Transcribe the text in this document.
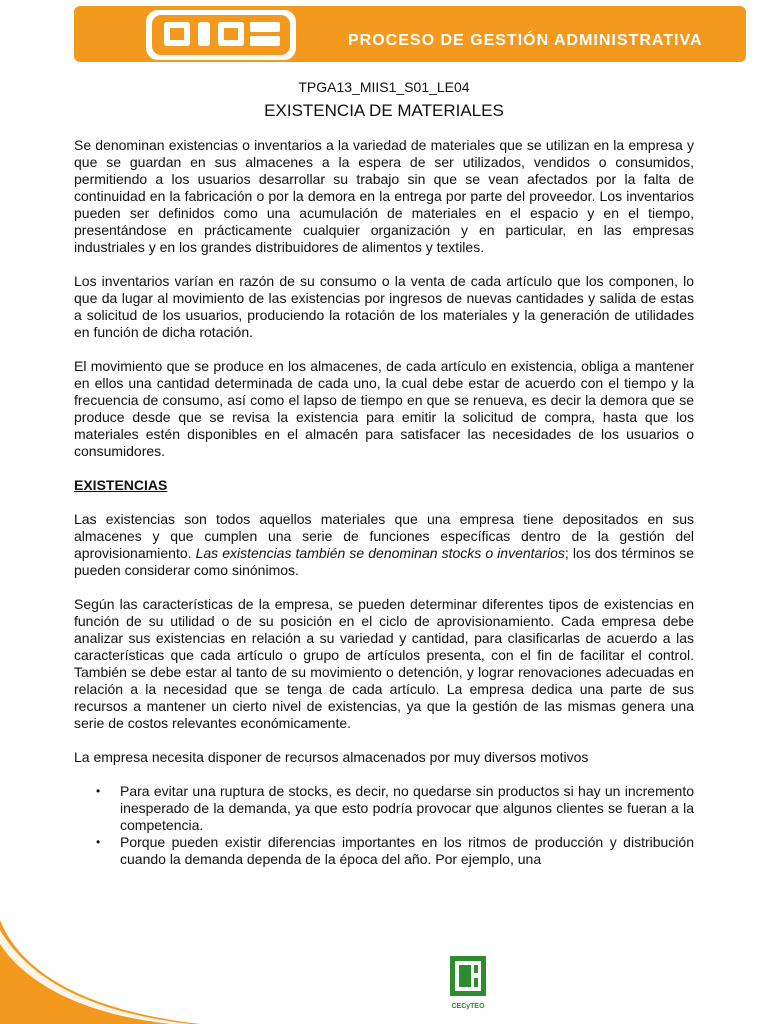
PROCESO DE GESTIÓN ADMINISTRATIVA
TPGA13_MIIS1_S01_LE04
EXISTENCIA DE MATERIALES

Se denominan existencias o inventarios a la variedad de materiales que se utilizan en la empresa y que se guardan en sus almacenes a la espera de ser utilizados, vendidos o consumidos, permitiendo a los usuarios desarrollar su trabajo sin que se vean afectados por la falta de continuidad en la fabricación o por la demora en la entrega por parte del proveedor. Los inventarios pueden ser definidos como una acumulación de materiales en el espacio y en el tiempo, presentándose en prácticamente cualquier organización y en particular, en las empresas industriales y en los grandes distribuidores de alimentos y textiles.

Los inventarios varían en razón de su consumo o la venta de cada artículo que los componen, lo que da lugar al movimiento de las existencias por ingresos de nuevas cantidades y salida de estas a solicitud de los usuarios, produciendo la rotación de los materiales y la generación de utilidades en función de dicha rotación.

El movimiento que se produce en los almacenes, de cada artículo en existencia, obliga a mantener en ellos una cantidad determinada de cada uno, la cual debe estar de acuerdo con el tiempo y la frecuencia de consumo, así como el lapso de tiempo en que se renueva, es decir la demora que se produce desde que se revisa la existencia para emitir la solicitud de compra, hasta que los materiales estén disponibles en el almacén para satisfacer las necesidades de los usuarios o consumidores.

EXISTENCIAS

Las existencias son todos aquellos materiales que una empresa tiene depositados en sus almacenes y que cumplen una serie de funciones específicas dentro de la gestión del aprovisionamiento. Las existencias también se denominan stocks o inventarios; los dos términos se pueden considerar como sinónimos.

Según las características de la empresa, se pueden determinar diferentes tipos de existencias en función de su utilidad o de su posición en el ciclo de aprovisionamiento. Cada empresa debe analizar sus existencias en relación a su variedad y cantidad, para clasificarlas de acuerdo a las características que cada artículo o grupo de artículos presenta, con el fin de facilitar el control. También se debe estar al tanto de su movimiento o detención, y lograr renovaciones adecuadas en relación a la necesidad que se tenga de cada artículo. La empresa dedica una parte de sus recursos a mantener un cierto nivel de existencias, ya que la gestión de las mismas genera una serie de costos relevantes económicamente.

La empresa necesita disponer de recursos almacenados por muy diversos motivos

• Para evitar una ruptura de stocks, es decir, no quedarse sin productos si hay un incremento inesperado de la demanda, ya que esto podría provocar que algunos clientes se fueran a la competencia.
• Porque pueden existir diferencias importantes en los ritmos de producción y distribución cuando la demanda dependa de la época del año. Por ejemplo, una
CECyTEO
